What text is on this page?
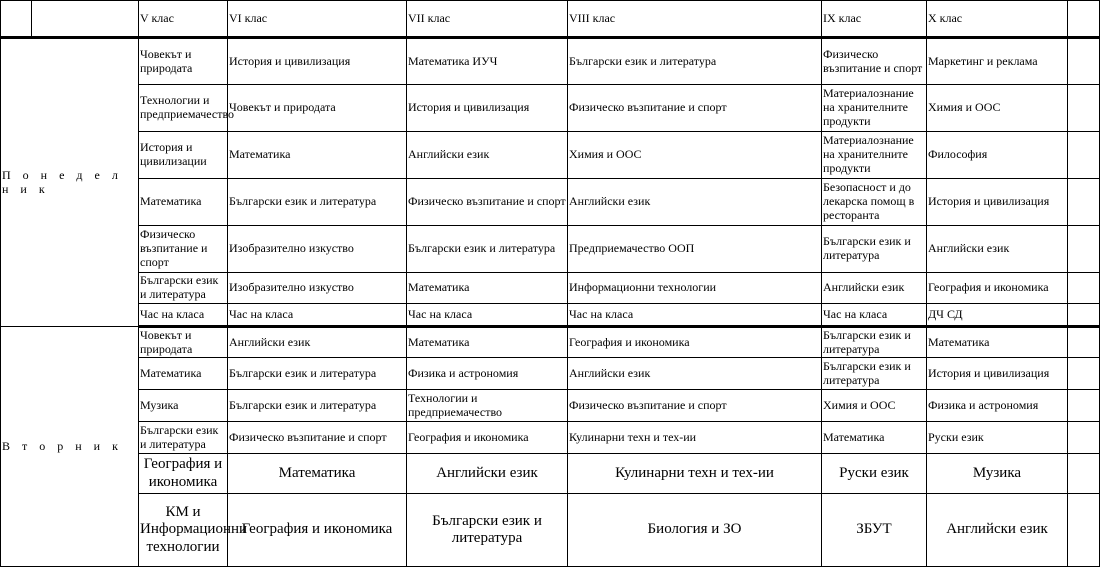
		V клас	VI клас	VII клас	VIII клас	IX клас	X клас	
П о н е д е л н и к		Човекът и природата	История и цивилизация	Математика ИУЧ	Български език и литература	Физическо възпитание и спорт	Маркетинг и реклама	
		Технологии и предприемачество	Човекът и природата	История и цивилизация	Физическо възпитание и спорт	Материалознание на хранителните продукти	Химия и ООС	
		История и цивилизации	Математика	Английски език	Химия и ООС	Материалознание на хранителните продукти	Философия	
		Математика	Български език и литература	Физическо възпитание и спорт	Английски език	Безопасност и до лекарска помощ в ресторанта	История и цивилизация	
		Физическо възпитание и спорт	Изобразително изкуство	Български език и литература	Предприемачество ООП	Български език и литература	Английски език	
		Български език и литература	Изобразително изкуство	Математика	Информационни технологии	Английски език	География и икономика	
		Час на класа	Час на класа	Час на класа	Час на класа	Час на класа	ДЧ СД	
В т о р н и к		Човекът и природата	Английски език	Математика	География и икономика	Български език и литература	Математика	
		Математика	Български език и литература	Физика и астрономия	Английски език	Български език и литература	История и цивилизация	
		Музика	Български език и литература	Технологии и предприемачество	Физическо възпитание и спорт	Химия и ООС	Физика и астрономия	
		Български език и литература	Физическо възпитание и спорт	География и икономика	Кулинарни техн и тех-ии	Математика	Руски език	
		География и икономика	Математика	Английски език	Кулинарни техн и тех-ии	Руски език	Музика	
		КМ и Информационни технологии	География и икономика	Български език и литература	Биология и ЗО	ЗБУТ	Английски език	
